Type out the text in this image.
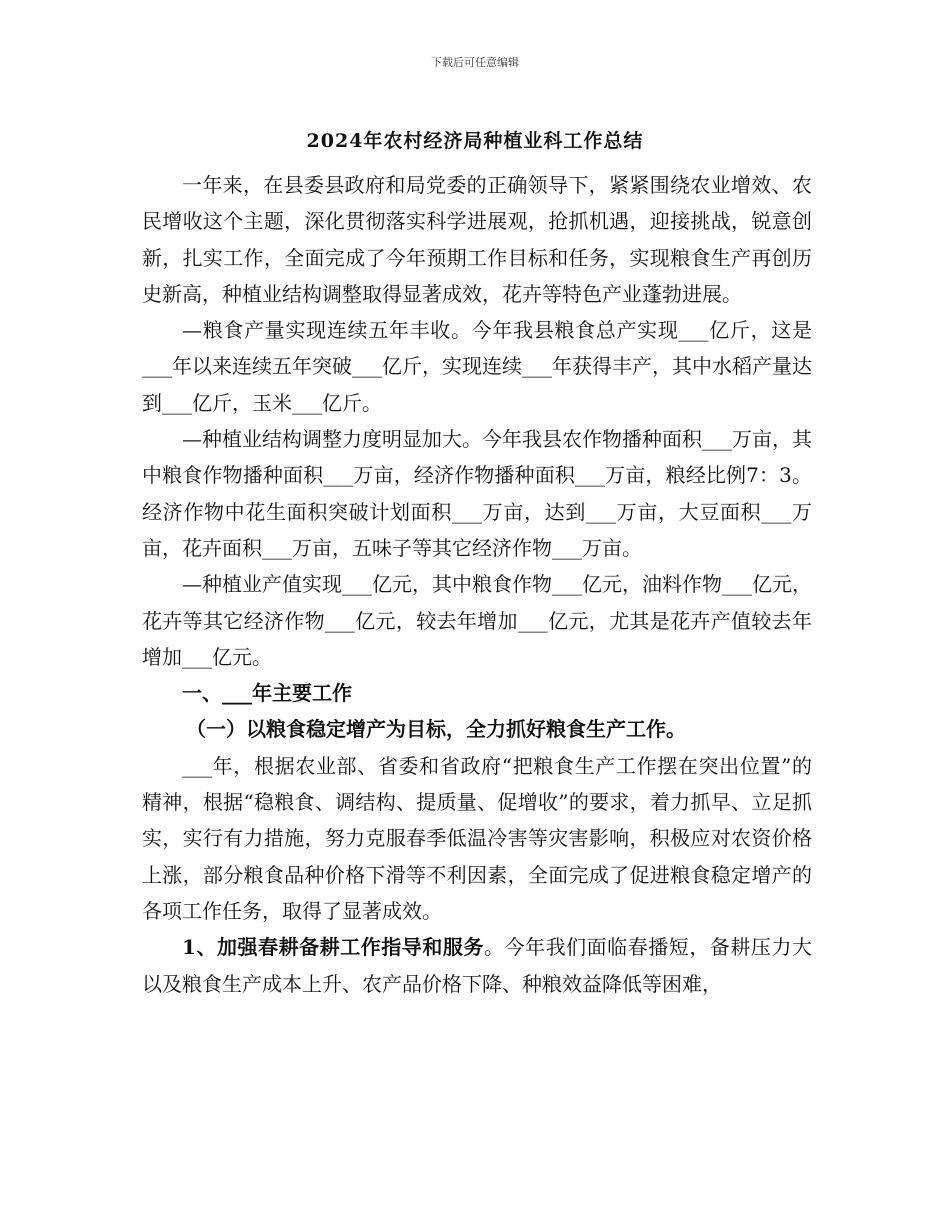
下载后可任意编辑
2024年农村经济局种植业科工作总结

一年来，在县委县政府和局党委的正确领导下，紧紧围绕农业增效、农民增收这个主题，深化贯彻落实科学进展观，抢抓机遇，迎接挑战，锐意创新，扎实工作，全面完成了今年预期工作目标和任务，实现粮食生产再创历史新高，种植业结构调整取得显著成效，花卉等特色产业蓬勃进展。

—粮食产量实现连续五年丰收。今年我县粮食总产实现___亿斤，这是___年以来连续五年突破___亿斤，实现连续___年获得丰产，其中水稻产量达到___亿斤，玉米___亿斤。

—种植业结构调整力度明显加大。今年我县农作物播种面积___万亩，其中粮食作物播种面积___万亩，经济作物播种面积___万亩，粮经比例7：3。经济作物中花生面积突破计划面积___万亩，达到___万亩，大豆面积___万亩，花卉面积___万亩，五味子等其它经济作物___万亩。

—种植业产值实现___亿元，其中粮食作物___亿元，油料作物___亿元，花卉等其它经济作物___亿元，较去年增加___亿元，尤其是花卉产值较去年增加___亿元。

一、___年主要工作

（一）以粮食稳定增产为目标，全力抓好粮食生产工作。

___年，根据农业部、省委和省政府“把粮食生产工作摆在突出位置”的精神，根据“稳粮食、调结构、提质量、促增收”的要求，着力抓早、立足抓实，实行有力措施，努力克服春季低温冷害等灾害影响，积极应对农资价格上涨，部分粮食品种价格下滑等不利因素，全面完成了促进粮食稳定增产的各项工作任务，取得了显著成效。

1、加强春耕备耕工作指导和服务。今年我们面临春播短，备耕压力大以及粮食生产成本上升、农产品价格下降、种粮效益降低等困难，
